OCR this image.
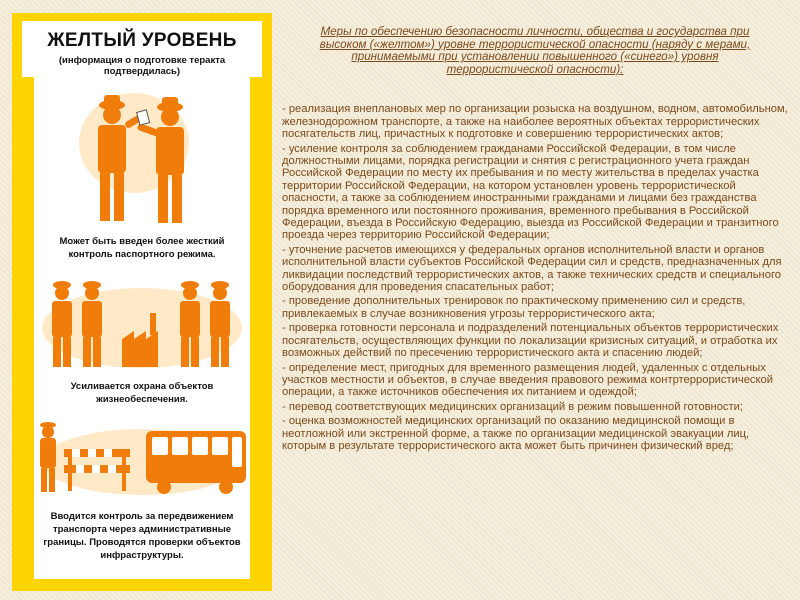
Может быть введен более жесткий контроль паспортного режима.
Усиливается охрана объектов жизнеобеспечения.
Вводится контроль за передвижением транспорта через административные границы. Проводятся проверки объектов инфраструктуры.
ЖЕЛТЫЙ УРОВЕНЬ
(информация о подготовке теракта подтвердилась)

Меры по обеспечению безопасности личности, общества и государства при высоком («желтом») уровне террористической опасности (наряду с мерами, принимаемыми при установлении повышенного («синего») уровня террористической опасности):

- реализация внеплановых мер по организации розыска на воздушном, водном, автомобильном, железнодорожном транспорте, а также на наиболее вероятных объектах террористических посягательств лиц, причастных к подготовке и совершению террористических актов;

- усиление контроля за соблюдением гражданами Российской Федерации, в том числе должностными лицами, порядка регистрации и снятия с регистрационного учета граждан Российской Федерации по месту их пребывания и по месту жительства в пределах участка территории Российской Федерации, на котором установлен уровень террористической опасности, а также за соблюдением иностранными гражданами и лицами без гражданства порядка временного или постоянного проживания, временного пребывания в Российской Федерации, въезда в Российскую Федерацию, выезда из Российской Федерации и транзитного проезда через территорию Российской Федерации;

- уточнение расчетов имеющихся у федеральных органов исполнительной власти и органов исполнительной власти субъектов Российской Федерации сил и средств, предназначенных для ликвидации последствий террористических актов, а также технических средств и специального оборудования для проведения спасательных работ;

- проведение дополнительных тренировок по практическому применению сил и средств, привлекаемых в случае возникновения угрозы террористического акта;

- проверка готовности персонала и подразделений потенциальных объектов террористических посягательств, осуществляющих функции по локализации кризисных ситуаций, и отработка их возможных действий по пресечению террористического акта и спасению людей;

- определение мест, пригодных для временного размещения людей, удаленных с отдельных участков местности и объектов, в случае введения правового режима контртеррористической операции, а также источников обеспечения их питанием и одеждой;

- перевод соответствующих медицинских организаций в режим повышенной готовности;

- оценка возможностей медицинских организаций по оказанию медицинской помощи в неотложной или экстренной форме, а также по организации медицинской эвакуации лиц, которым в результате террористического акта может быть причинен физический вред;
